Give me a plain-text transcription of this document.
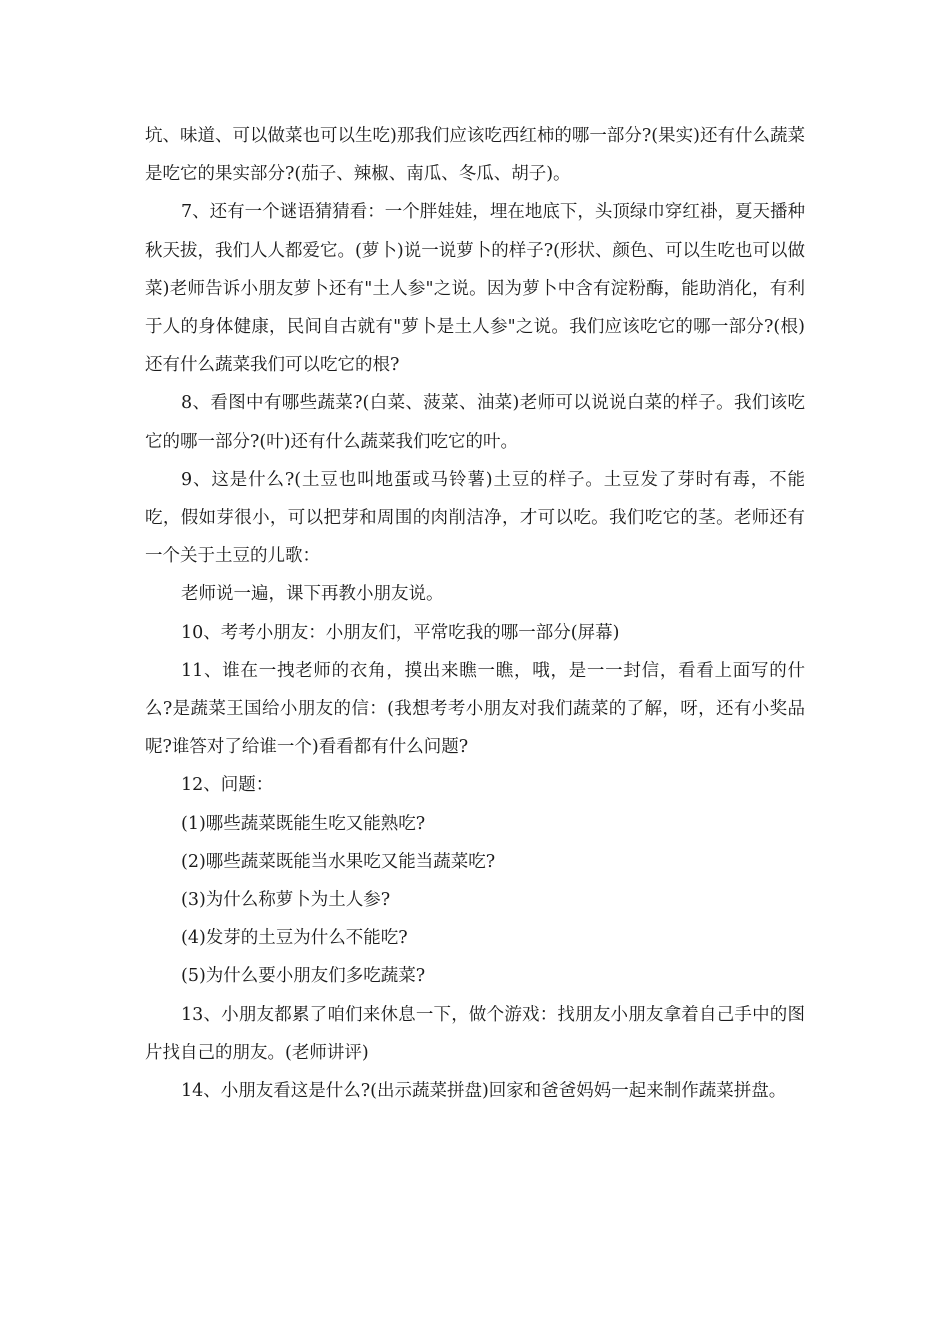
坑、味道、可以做菜也可以生吃)那我们应该吃西红柿的哪一部分?(果实)还有什么蔬菜是吃它的果实部分?(茄子、辣椒、南瓜、冬瓜、胡子)。

7、还有一个谜语猜猜看：一个胖娃娃，埋在地底下，头顶绿巾穿红褂，夏天播种秋天拔，我们人人都爱它。(萝卜)说一说萝卜的样子?(形状、颜色、可以生吃也可以做菜)老师告诉小朋友萝卜还有"土人参"之说。因为萝卜中含有淀粉酶，能助消化，有利于人的身体健康，民间自古就有"萝卜是土人参"之说。我们应该吃它的哪一部分?(根)还有什么蔬菜我们可以吃它的根?

8、看图中有哪些蔬菜?(白菜、菠菜、油菜)老师可以说说白菜的样子。我们该吃它的哪一部分?(叶)还有什么蔬菜我们吃它的叶。

9、这是什么?(土豆也叫地蛋或马铃薯)土豆的样子。土豆发了芽时有毒，不能吃，假如芽很小，可以把芽和周围的肉削洁净，才可以吃。我们吃它的茎。老师还有一个关于土豆的儿歌：

老师说一遍，课下再教小朋友说。

10、考考小朋友：小朋友们，平常吃我的哪一部分(屏幕)

11、谁在一拽老师的衣角，摸出来瞧一瞧，哦，是一一封信，看看上面写的什么?是蔬菜王国给小朋友的信：(我想考考小朋友对我们蔬菜的了解，呀，还有小奖品呢?谁答对了给谁一个)看看都有什么问题?

12、问题：

(1)哪些蔬菜既能生吃又能熟吃?

(2)哪些蔬菜既能当水果吃又能当蔬菜吃?

(3)为什么称萝卜为土人参?

(4)发芽的土豆为什么不能吃?

(5)为什么要小朋友们多吃蔬菜?

13、小朋友都累了咱们来休息一下，做个游戏：找朋友小朋友拿着自己手中的图片找自己的朋友。(老师讲评)

14、小朋友看这是什么?(出示蔬菜拼盘)回家和爸爸妈妈一起来制作蔬菜拼盘。
